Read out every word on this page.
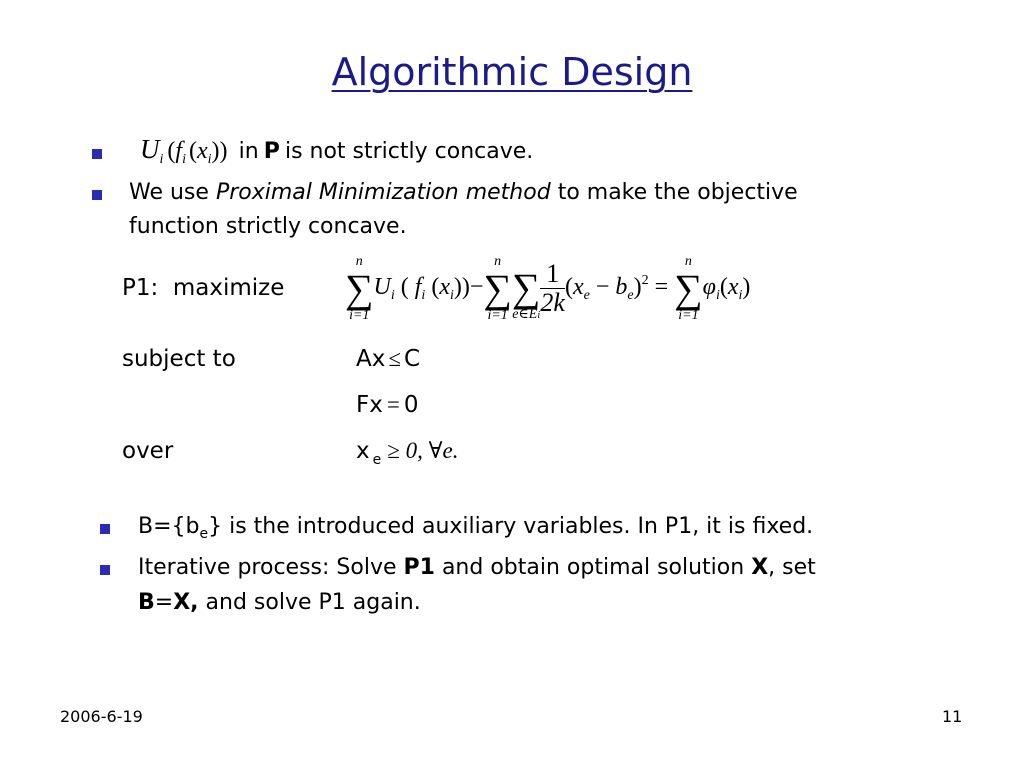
Algorithmic Design
Ui (fi (xi)) in P is not strictly concave.
We use Proximal Minimization method to make the objective
function strictly concave.
P1: maximize
n
∑
i=1
$U_i$ ( $f_i$ $(x_i))-$
n
∑
i=1

∑
e∈Ei $\frac{1}{2k} (x_e - b_e)^2$ =
n
∑
i=1
$\varphi_i(x_i)$
subject to	Ax ≤ C
Fx = 0
over	x $_e$ ≥ 0, ∀e.
$B=\{b_e\}$ is the introduced auxiliary variables. In P1, it is fixed.
Iterative process: Solve P1 and obtain optimal solution X, set
B=X, and solve P1 again.
2006-6-19	11
